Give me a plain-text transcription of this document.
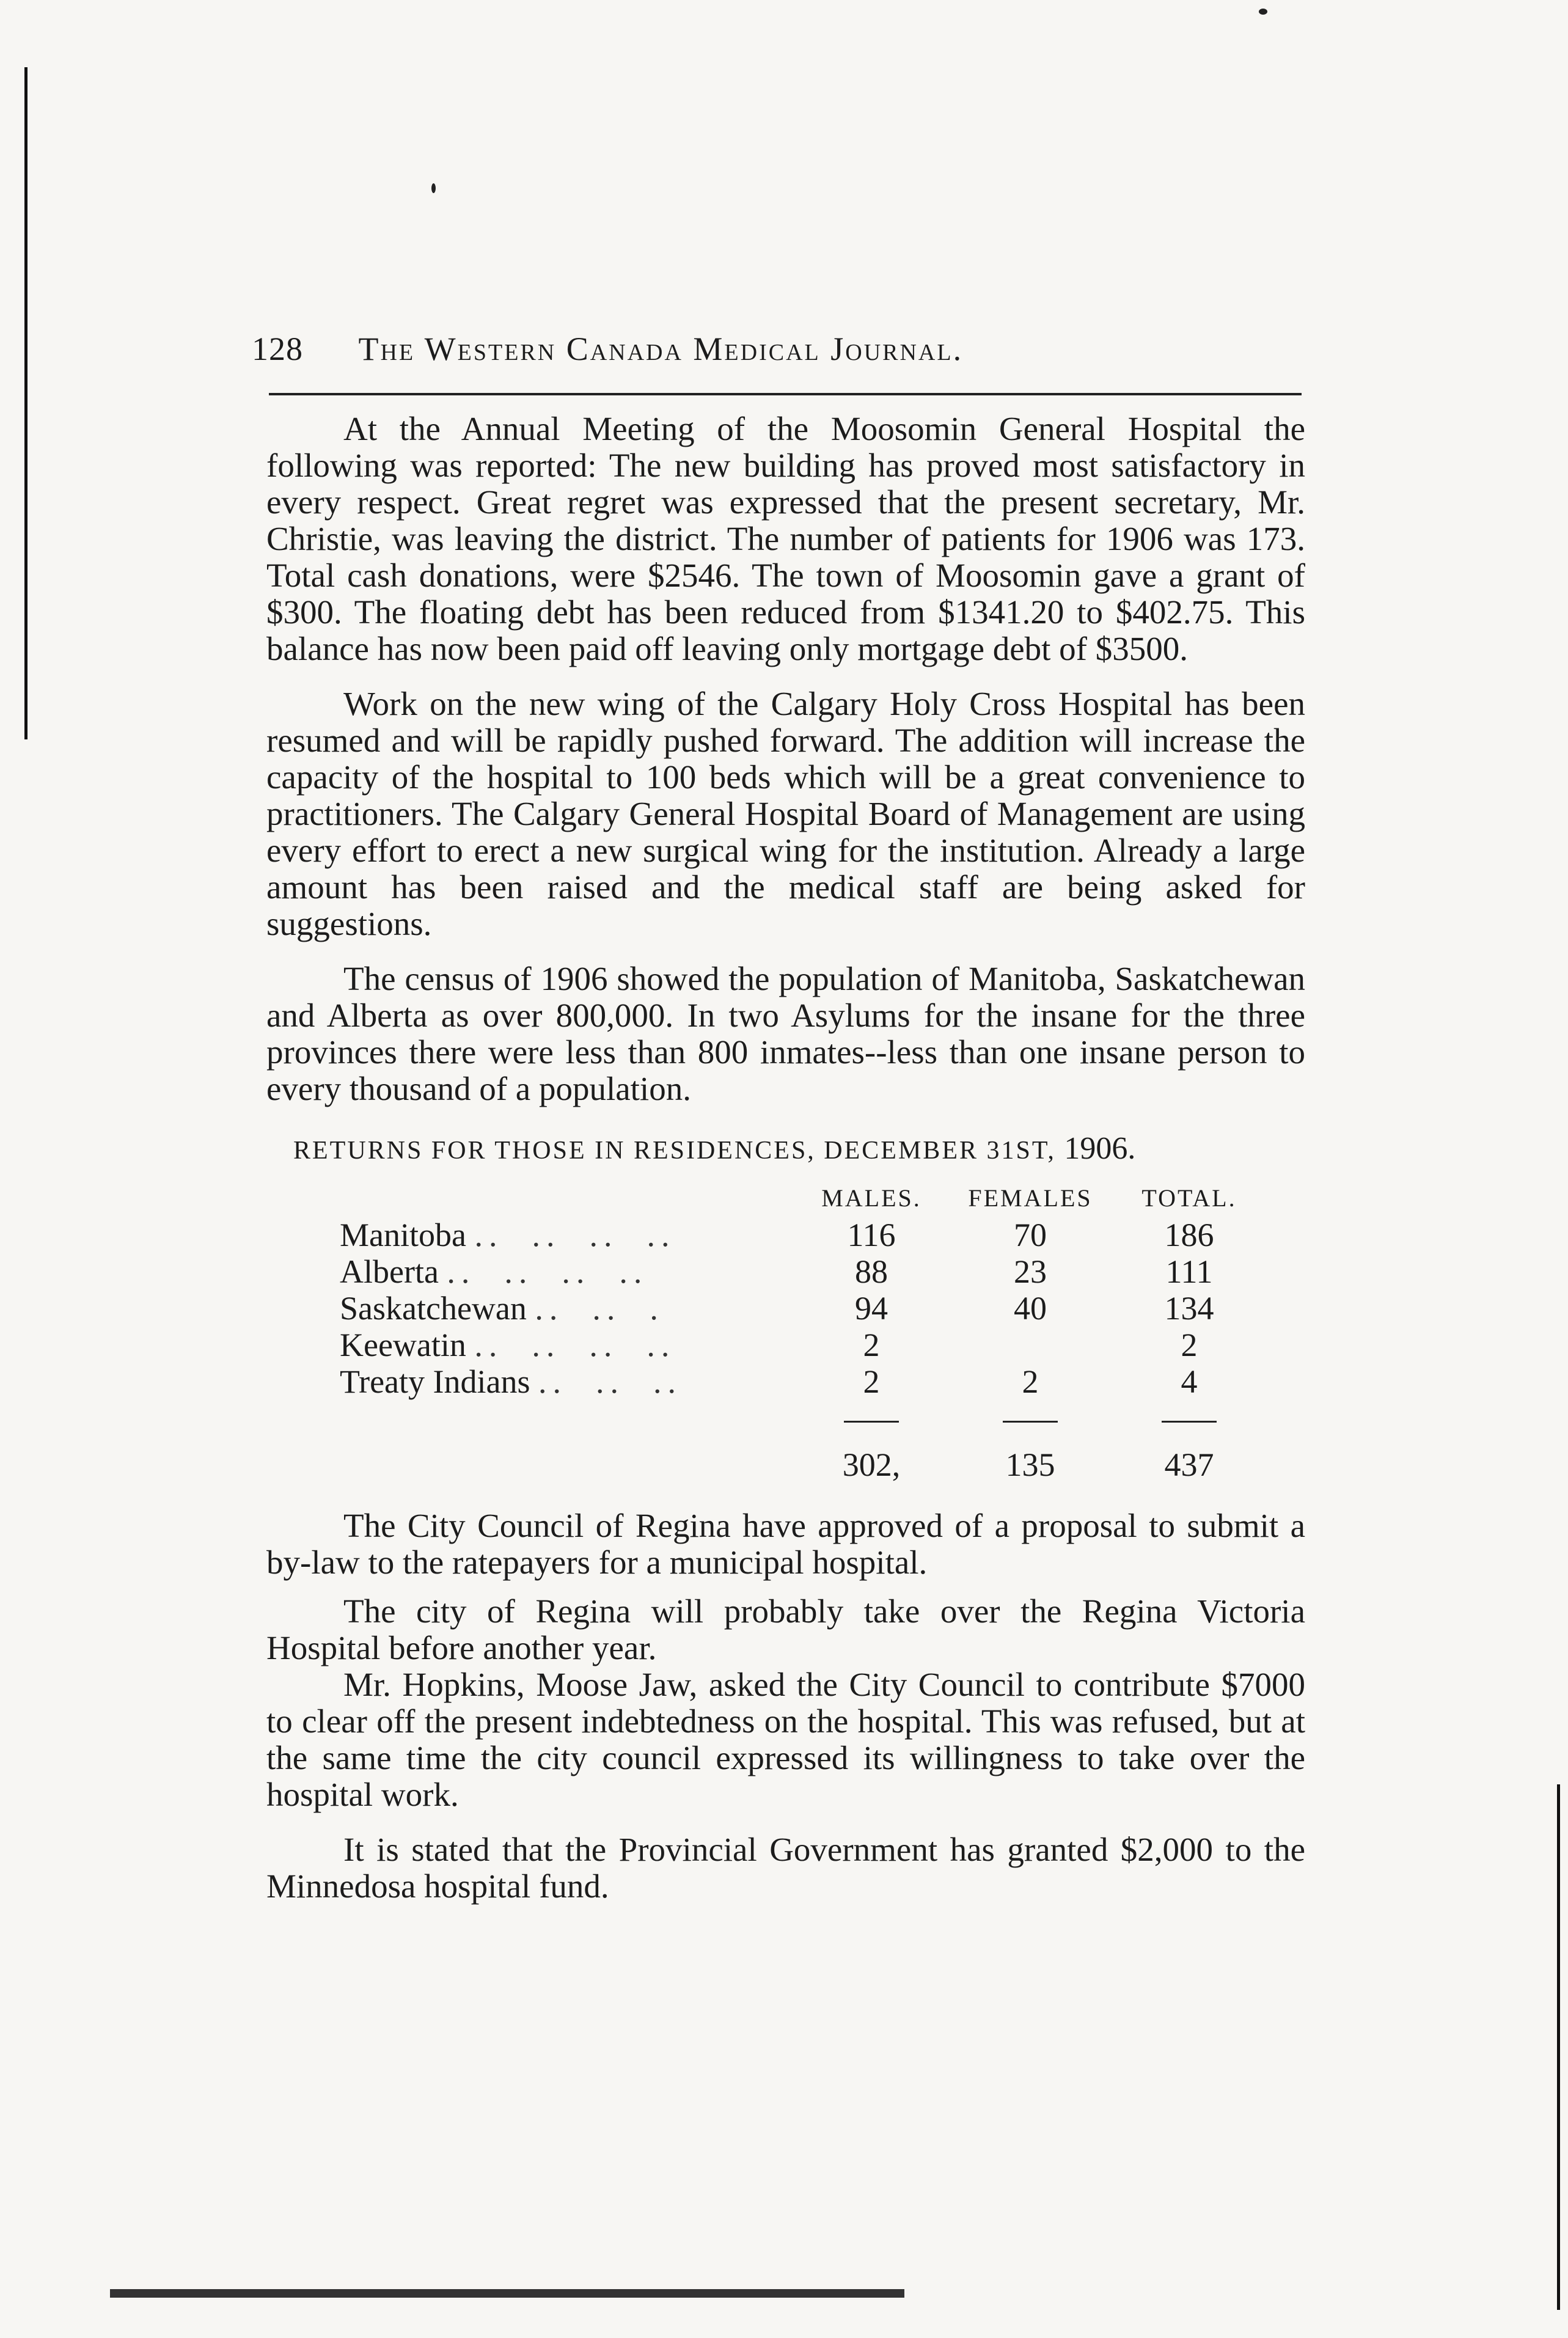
128 The Western Canada Medical Journal.

At the Annual Meeting of the Moosomin General Hospital the following was reported: The new building has proved most satisfactory in every respect. Great regret was expressed that the present secretary, Mr. Christie, was leaving the district. The number of patients for 1906 was 173. Total cash donations, were $2546. The town of Moosomin gave a grant of $300. The floating debt has been reduced from $1341.20 to $402.75. This balance has now been paid off leaving only mortgage debt of $3500.

Work on the new wing of the Calgary Holy Cross Hospital has been resumed and will be rapidly pushed forward. The addition will increase the capacity of the hospital to 100 beds which will be a great convenience to practitioners. The Calgary General Hospital Board of Management are using every effort to erect a new surgical wing for the institution. Already a large amount has been raised and the medical staff are being asked for suggestions.

The census of 1906 showed the population of Manitoba, Saskatchewan and Alberta as over 800,000. In two Asylums for the insane for the three provinces there were less than 800 inmates--less than one insane person to every thousand of a population.

RETURNS FOR THOSE IN RESIDENCES, DECEMBER 31ST, 1906.
	MALES.	FEMALES	TOTAL.
Manitoba ..  ..  ..  ..	116	70	186
Alberta ..  ..  ..  ..	88	23	111
Saskatchewan ..  ..  .	94	40	134
Keewatin ..  ..  ..  ..	2		2
Treaty Indians ..  ..  ..	2	2	4

	302,	135	437

The City Council of Regina have approved of a proposal to submit a by-law to the ratepayers for a municipal hospital.

The city of Regina will probably take over the Regina Victoria Hospital before another year.

Mr. Hopkins, Moose Jaw, asked the City Council to contribute $7000 to clear off the present indebtedness on the hospital. This was refused, but at the same time the city council expressed its willingness to take over the hospital work.

It is stated that the Provincial Government has granted $2,000 to the Minnedosa hospital fund.
